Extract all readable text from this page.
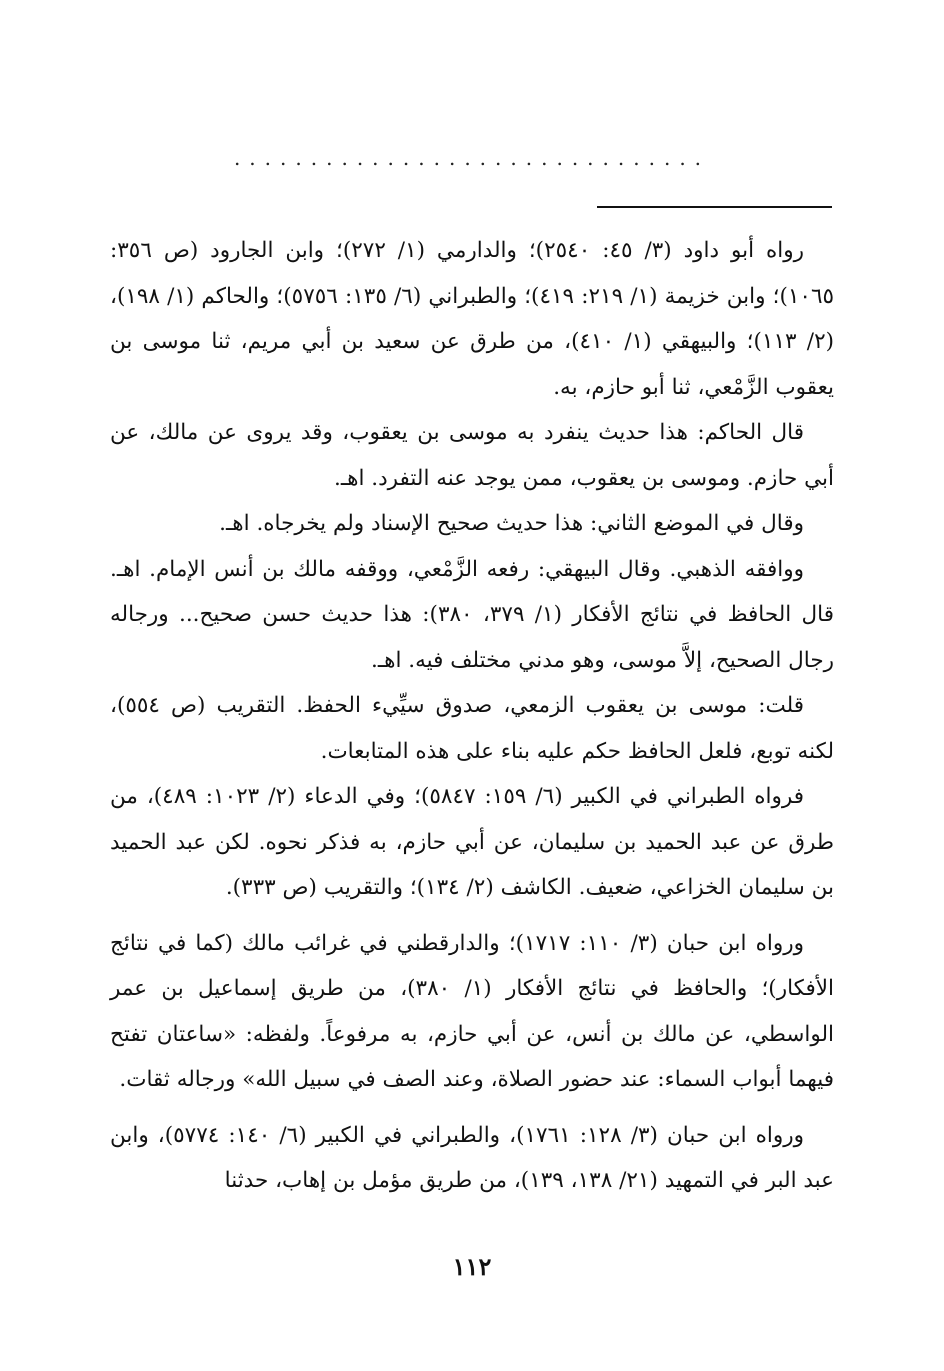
...............................

رواه أبو داود (٣/ ٤٥: ٢٥٤٠)؛ والدارمي (١/ ٢٧٢)؛ وابن الجارود (ص ٣٥٦: ١٠٦٥)؛ وابن خزيمة (١/ ٢١٩: ٤١٩)؛ والطبراني (٦/ ١٣٥: ٥٧٥٦)؛ والحاكم (١/ ١٩٨)، (٢/ ١١٣)؛ والبيهقي (١/ ٤١٠)، من طرق عن سعيد بن أبي مريم، ثنا موسى بن يعقوب الزَّمْعي، ثنا أبو حازم، به.

قال الحاكم: هذا حديث ينفرد به موسى بن يعقوب، وقد يروى عن مالك، عن أبي حازم. وموسى بن يعقوب، ممن يوجد عنه التفرد. اهـ.

وقال في الموضع الثاني: هذا حديث صحيح الإسناد ولم يخرجاه. اهـ.

ووافقه الذهبي. وقال البيهقي: رفعه الزَّمْعي، ووقفه مالك بن أنس الإمام. اهـ. قال الحافظ في نتائج الأفكار (١/ ٣٧٩، ٣٨٠): هذا حديث حسن صحيح... ورجاله رجال الصحيح، إلاَّ موسى، وهو مدني مختلف فيه. اهـ.

قلت: موسى بن يعقوب الزمعي، صدوق سيِّيء الحفظ. التقريب (ص ٥٥٤)، لكنه توبع، فلعل الحافظ حكم عليه بناء على هذه المتابعات.

فرواه الطبراني في الكبير (٦/ ١٥٩: ٥٨٤٧)؛ وفي الدعاء (٢/ ١٠٢٣: ٤٨٩)، من طرق عن عبد الحميد بن سليمان، عن أبي حازم، به فذكر نحوه. لكن عبد الحميد بن سليمان الخزاعي، ضعيف. الكاشف (٢/ ١٣٤)؛ والتقريب (ص ٣٣٣).

ورواه ابن حبان (٣/ ١١٠: ١٧١٧)؛ والدارقطني في غرائب مالك (كما في نتائج الأفكار)؛ والحافظ في نتائج الأفكار (١/ ٣٨٠)، من طريق إسماعيل بن عمر الواسطي، عن مالك بن أنس، عن أبي حازم، به مرفوعاً. ولفظه: «ساعتان تفتح فيهما أبواب السماء: عند حضور الصلاة، وعند الصف في سبيل الله» ورجاله ثقات.

ورواه ابن حبان (٣/ ١٢٨: ١٧٦١)، والطبراني في الكبير (٦/ ١٤٠: ٥٧٧٤)، وابن عبد البر في التمهيد (٢١/ ١٣٨، ١٣٩)، من طريق مؤمل بن إهاب، حدثنا

١١٢
